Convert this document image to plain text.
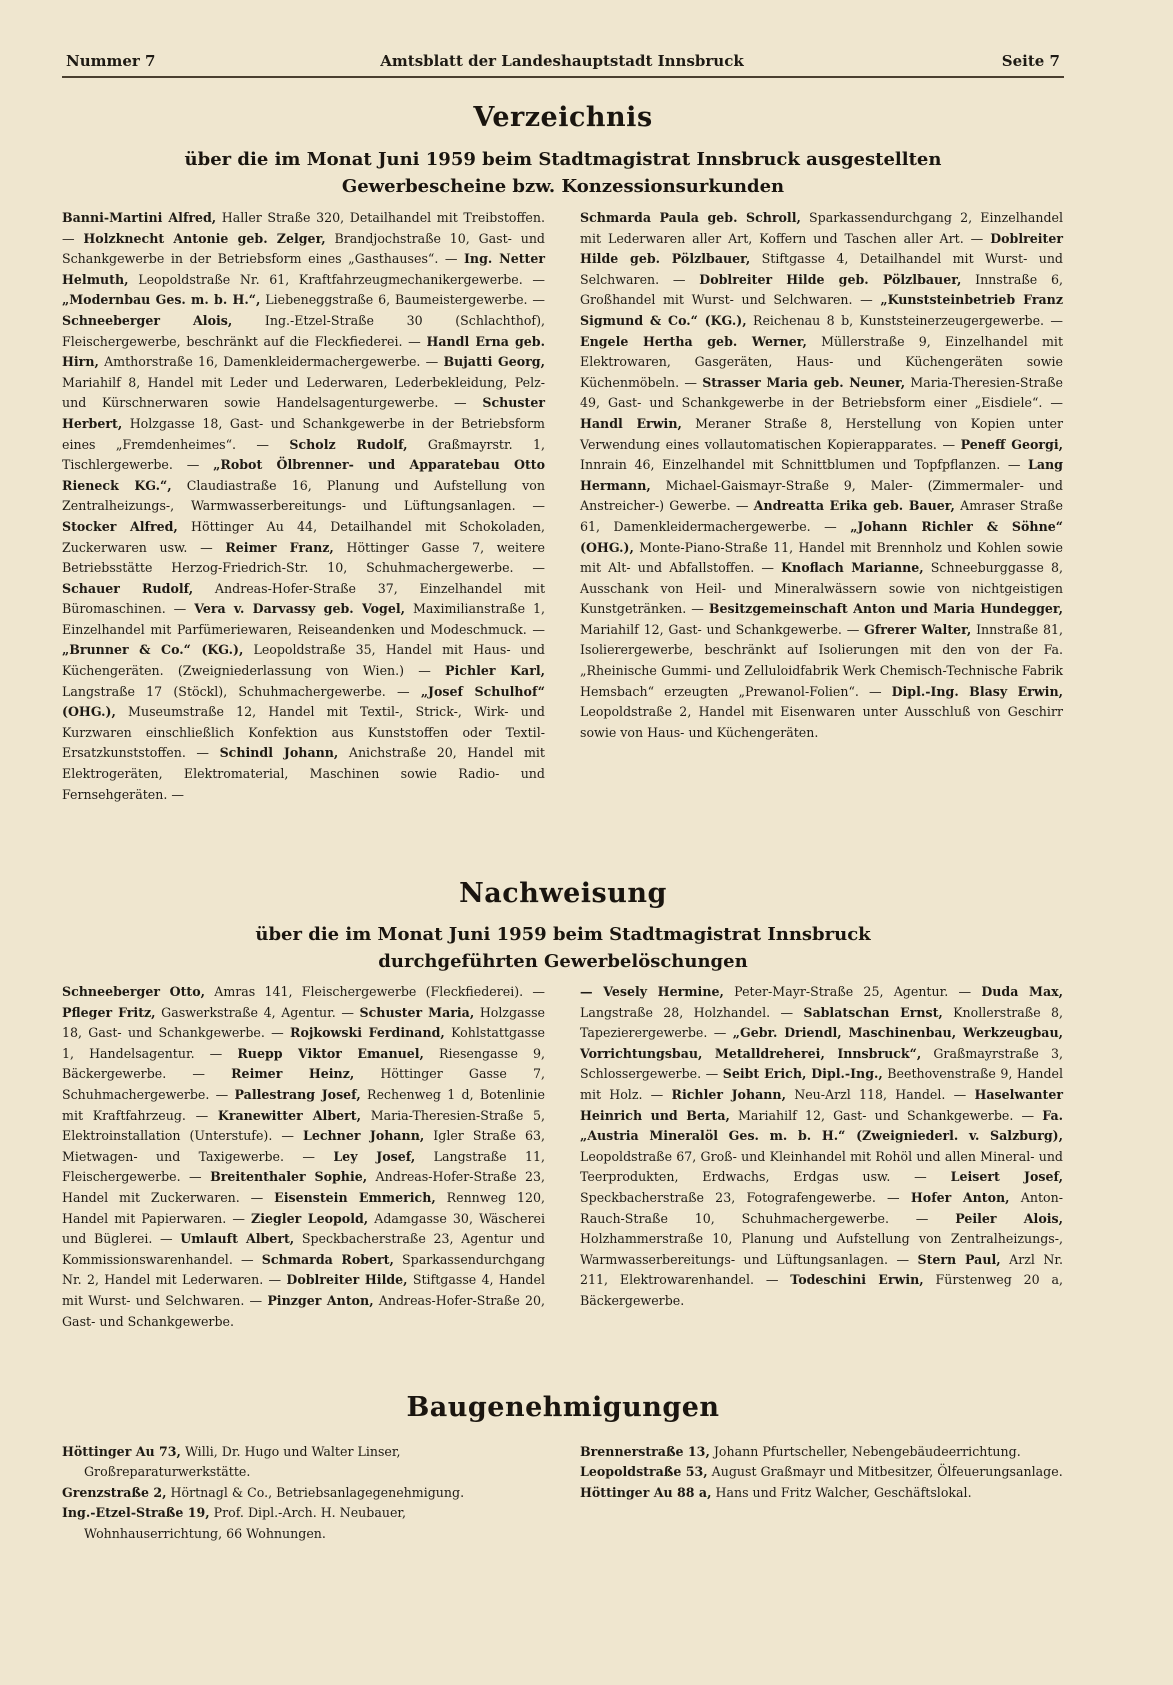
Nummer 7	Amtsblatt der Landeshauptstadt Innsbruck	Seite 7
Verzeichnis
über die im Monat Juni 1959 beim Stadtmagistrat Innsbruck ausgestellten
Gewerbescheine bzw. Konzessionsurkunden

Banni-Martini Alfred, Haller Straße 320, Detailhandel mit Treibstoffen. — Holzknecht Antonie geb. Zelger, Brandjochstraße 10, Gast- und Schankgewerbe in der Betriebsform eines „Gasthauses“. — Ing. Netter Helmuth, Leopoldstraße Nr. 61, Kraftfahrzeugmechanikergewerbe. — „Modernbau Ges. m. b. H.“, Liebeneggstraße 6, Baumeistergewerbe. — Schneeberger Alois, Ing.-Etzel-Straße 30 (Schlachthof), Fleischergewerbe, beschränkt auf die Fleckfiederei. — Handl Erna geb. Hirn, Amthorstraße 16, Damenkleidermachergewerbe. — Bujatti Georg, Mariahilf 8, Handel mit Leder und Lederwaren, Lederbekleidung, Pelz- und Kürschnerwaren sowie Handelsagenturgewerbe. — Schuster Herbert, Holzgasse 18, Gast- und Schankgewerbe in der Betriebsform eines „Fremdenheimes“. — Scholz Rudolf, Graßmayrstr. 1, Tischlergewerbe. — „Robot Ölbrenner- und Apparatebau Otto Rieneck KG.“, Claudiastraße 16, Planung und Aufstellung von Zentralheizungs-, Warmwasserbereitungs- und Lüftungsanlagen. — Stocker Alfred, Höttinger Au 44, Detailhandel mit Schokoladen, Zuckerwaren usw. — Reimer Franz, Höttinger Gasse 7, weitere Betriebsstätte Herzog-Friedrich-Str. 10, Schuhmachergewerbe. — Schauer Rudolf, Andreas-Hofer-Straße 37, Einzelhandel mit Büromaschinen. — Vera v. Darvassy geb. Vogel, Maximilianstraße 1, Einzelhandel mit Parfümeriewaren, Reiseandenken und Modeschmuck. — „Brunner & Co.“ (KG.), Leopoldstraße 35, Handel mit Haus- und Küchengeräten. (Zweigniederlassung von Wien.) — Pichler Karl, Langstraße 17 (Stöckl), Schuhmachergewerbe. — „Josef Schulhof“ (OHG.), Museumstraße 12, Handel mit Textil-, Strick-, Wirk- und Kurzwaren einschließlich Konfektion aus Kunststoffen oder Textil-Ersatzkunststoffen. — Schindl Johann, Anichstraße 20, Handel mit Elektrogeräten, Elektromaterial, Maschinen sowie Radio- und Fernsehgeräten. —

Schmarda Paula geb. Schroll, Sparkassendurchgang 2, Einzelhandel mit Lederwaren aller Art, Koffern und Taschen aller Art. — Doblreiter Hilde geb. Pölzlbauer, Stiftgasse 4, Detailhandel mit Wurst- und Selchwaren. — Doblreiter Hilde geb. Pölzlbauer, Innstraße 6, Großhandel mit Wurst- und Selchwaren. — „Kunststeinbetrieb Franz Sigmund & Co.“ (KG.), Reichenau 8 b, Kunststeinerzeugergewerbe. — Engele Hertha geb. Werner, Müllerstraße 9, Einzelhandel mit Elektrowaren, Gasgeräten, Haus- und Küchengeräten sowie Küchenmöbeln. — Strasser Maria geb. Neuner, Maria-Theresien-Straße 49, Gast- und Schankgewerbe in der Betriebsform einer „Eisdiele“. — Handl Erwin, Meraner Straße 8, Herstellung von Kopien unter Verwendung eines vollautomatischen Kopierapparates. — Peneff Georgi, Innrain 46, Einzelhandel mit Schnittblumen und Topfpflanzen. — Lang Hermann, Michael-Gaismayr-Straße 9, Maler- (Zimmermaler- und Anstreicher-) Gewerbe. — Andreatta Erika geb. Bauer, Amraser Straße 61, Damenkleidermachergewerbe. — „Johann Richler & Söhne“ (OHG.), Monte-Piano-Straße 11, Handel mit Brennholz und Kohlen sowie mit Alt- und Abfallstoffen. — Knoflach Marianne, Schneeburggasse 8, Ausschank von Heil- und Mineralwässern sowie von nichtgeistigen Kunstgetränken. — Besitzgemeinschaft Anton und Maria Hundegger, Mariahilf 12, Gast- und Schankgewerbe. — Gfrerer Walter, Innstraße 81, Isolierergewerbe, beschränkt auf Isolierungen mit den von der Fa. „Rheinische Gummi- und Zelluloidfabrik Werk Chemisch-Technische Fabrik Hemsbach“ erzeugten „Prewanol-Folien“. — Dipl.-Ing. Blasy Erwin, Leopoldstraße 2, Handel mit Eisenwaren unter Ausschluß von Geschirr sowie von Haus- und Küchengeräten.

Nachweisung
über die im Monat Juni 1959 beim Stadtmagistrat Innsbruck
durchgeführten Gewerbelöschungen

Schneeberger Otto, Amras 141, Fleischergewerbe (Fleckfiederei). — Pfleger Fritz, Gaswerkstraße 4, Agentur. — Schuster Maria, Holzgasse 18, Gast- und Schankgewerbe. — Rojkowski Ferdinand, Kohlstattgasse 1, Handelsagentur. — Ruepp Viktor Emanuel, Riesengasse 9, Bäckergewerbe. — Reimer Heinz, Höttinger Gasse 7, Schuhmachergewerbe. — Pallestrang Josef, Rechenweg 1 d, Botenlinie mit Kraftfahrzeug. — Kranewitter Albert, Maria-Theresien-Straße 5, Elektroinstallation (Unterstufe). — Lechner Johann, Igler Straße 63, Mietwagen- und Taxigewerbe. — Ley Josef, Langstraße 11, Fleischergewerbe. — Breitenthaler Sophie, Andreas-Hofer-Straße 23, Handel mit Zuckerwaren. — Eisenstein Emmerich, Rennweg 120, Handel mit Papierwaren. — Ziegler Leopold, Adamgasse 30, Wäscherei und Büglerei. — Umlauft Albert, Speckbacherstraße 23, Agentur und Kommissionswarenhandel. — Schmarda Robert, Sparkassendurchgang Nr. 2, Handel mit Lederwaren. — Doblreiter Hilde, Stiftgasse 4, Handel mit Wurst- und Selchwaren. — Pinzger Anton, Andreas-Hofer-Straße 20, Gast- und Schankgewerbe.

— Vesely Hermine, Peter-Mayr-Straße 25, Agentur. — Duda Max, Langstraße 28, Holzhandel. — Sablatschan Ernst, Knollerstraße 8, Tapezierergewerbe. — „Gebr. Driendl, Maschinenbau, Werkzeugbau, Vorrichtungsbau, Metalldreherei, Innsbruck“, Graßmayrstraße 3, Schlossergewerbe. — Seibt Erich, Dipl.-Ing., Beethovenstraße 9, Handel mit Holz. — Richler Johann, Neu-Arzl 118, Handel. — Haselwanter Heinrich und Berta, Mariahilf 12, Gast- und Schankgewerbe. — Fa. „Austria Mineralöl Ges. m. b. H.“ (Zweigniederl. v. Salzburg), Leopoldstraße 67, Groß- und Kleinhandel mit Rohöl und allen Mineral- und Teerprodukten, Erdwachs, Erdgas usw. — Leisert Josef, Speckbacherstraße 23, Fotografengewerbe. — Hofer Anton, Anton-Rauch-Straße 10, Schuhmachergewerbe. — Peiler Alois, Holzhammerstraße 10, Planung und Aufstellung von Zentralheizungs-, Warmwasserbereitungs- und Lüftungsanlagen. — Stern Paul, Arzl Nr. 211, Elektrowarenhandel. — Todeschini Erwin, Fürstenweg 20 a, Bäckergewerbe.

Baugenehmigungen

Höttinger Au 73, Willi, Dr. Hugo und Walter Linser, Großreparaturwerkstätte.

Grenzstraße 2, Hörtnagl & Co., Betriebsanlagegenehmigung.

Ing.-Etzel-Straße 19, Prof. Dipl.-Arch. H. Neubauer, Wohnhauserrichtung, 66 Wohnungen.

Brennerstraße 13, Johann Pfurtscheller, Nebengebäudeerrichtung.

Leopoldstraße 53, August Graßmayr und Mitbesitzer, Ölfeuerungsanlage.

Höttinger Au 88 a, Hans und Fritz Walcher, Geschäftslokal.
